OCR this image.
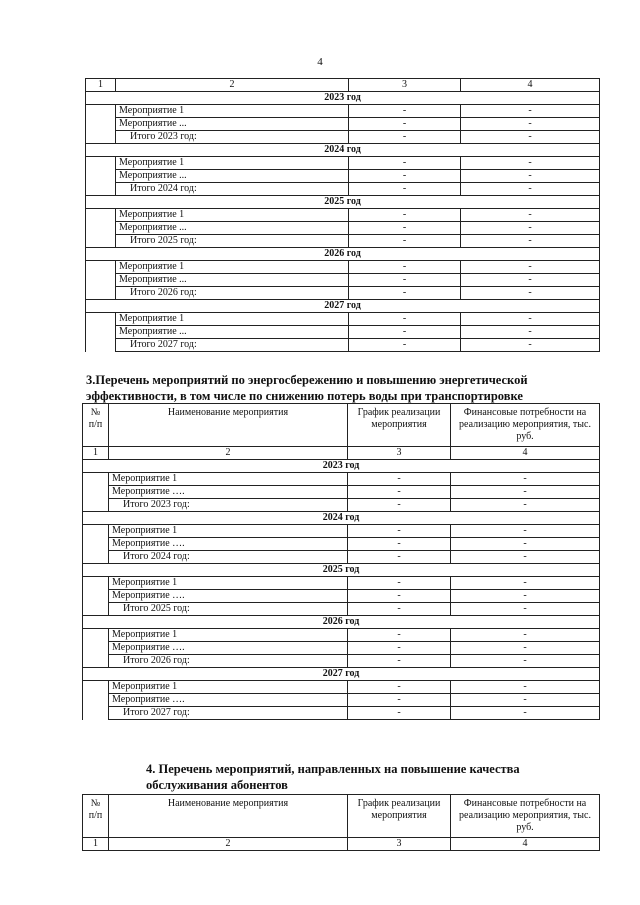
4
1	2	3	4
2023 год			
	Мероприятие 1	-	-
	Мероприятие ...	-	-
	Итого 2023 год:	-	-
2024 год			
	Мероприятие 1	-	-
	Мероприятие ...	-	-
	Итого 2024 год:	-	-
2025 год			
	Мероприятие 1	-	-
	Мероприятие ...	-	-
	Итого 2025 год:	-	-
2026 год			
	Мероприятие 1	-	-
	Мероприятие ...	-	-
	Итого 2026 год:	-	-
2027 год			
	Мероприятие 1	-	-
	Мероприятие ...	-	-
	Итого 2027 год:	-	-
3.Перечень мероприятий по энергосбережению и повышению энергетической эффективности, в том числе по снижению потерь воды при транспортировке
№ п/п	Наименование мероприятия	График реализации мероприятия	Финансовые потребности на реализацию мероприятия, тыс. руб.
1	2	3	4
2023 год			
	Мероприятие 1	-	-
	Мероприятие ….	-	-
	Итого 2023 год:	-	-
2024 год			
	Мероприятие 1	-	-
	Мероприятие ….	-	-
	Итого 2024 год:	-	-
2025 год			
	Мероприятие 1	-	-
	Мероприятие ….	-	-
	Итого 2025 год:	-	-
2026 год			
	Мероприятие 1	-	-
	Мероприятие ….	-	-
	Итого 2026 год:	-	-
2027 год			
	Мероприятие 1	-	-
	Мероприятие ….	-	-
	Итого 2027 год:	-	-
4. Перечень мероприятий, направленных на повышение качества обслуживания абонентов
№ п/п	Наименование мероприятия	График реализации мероприятия	Финансовые потребности на реализацию мероприятия, тыс. руб.
1	2	3	4
